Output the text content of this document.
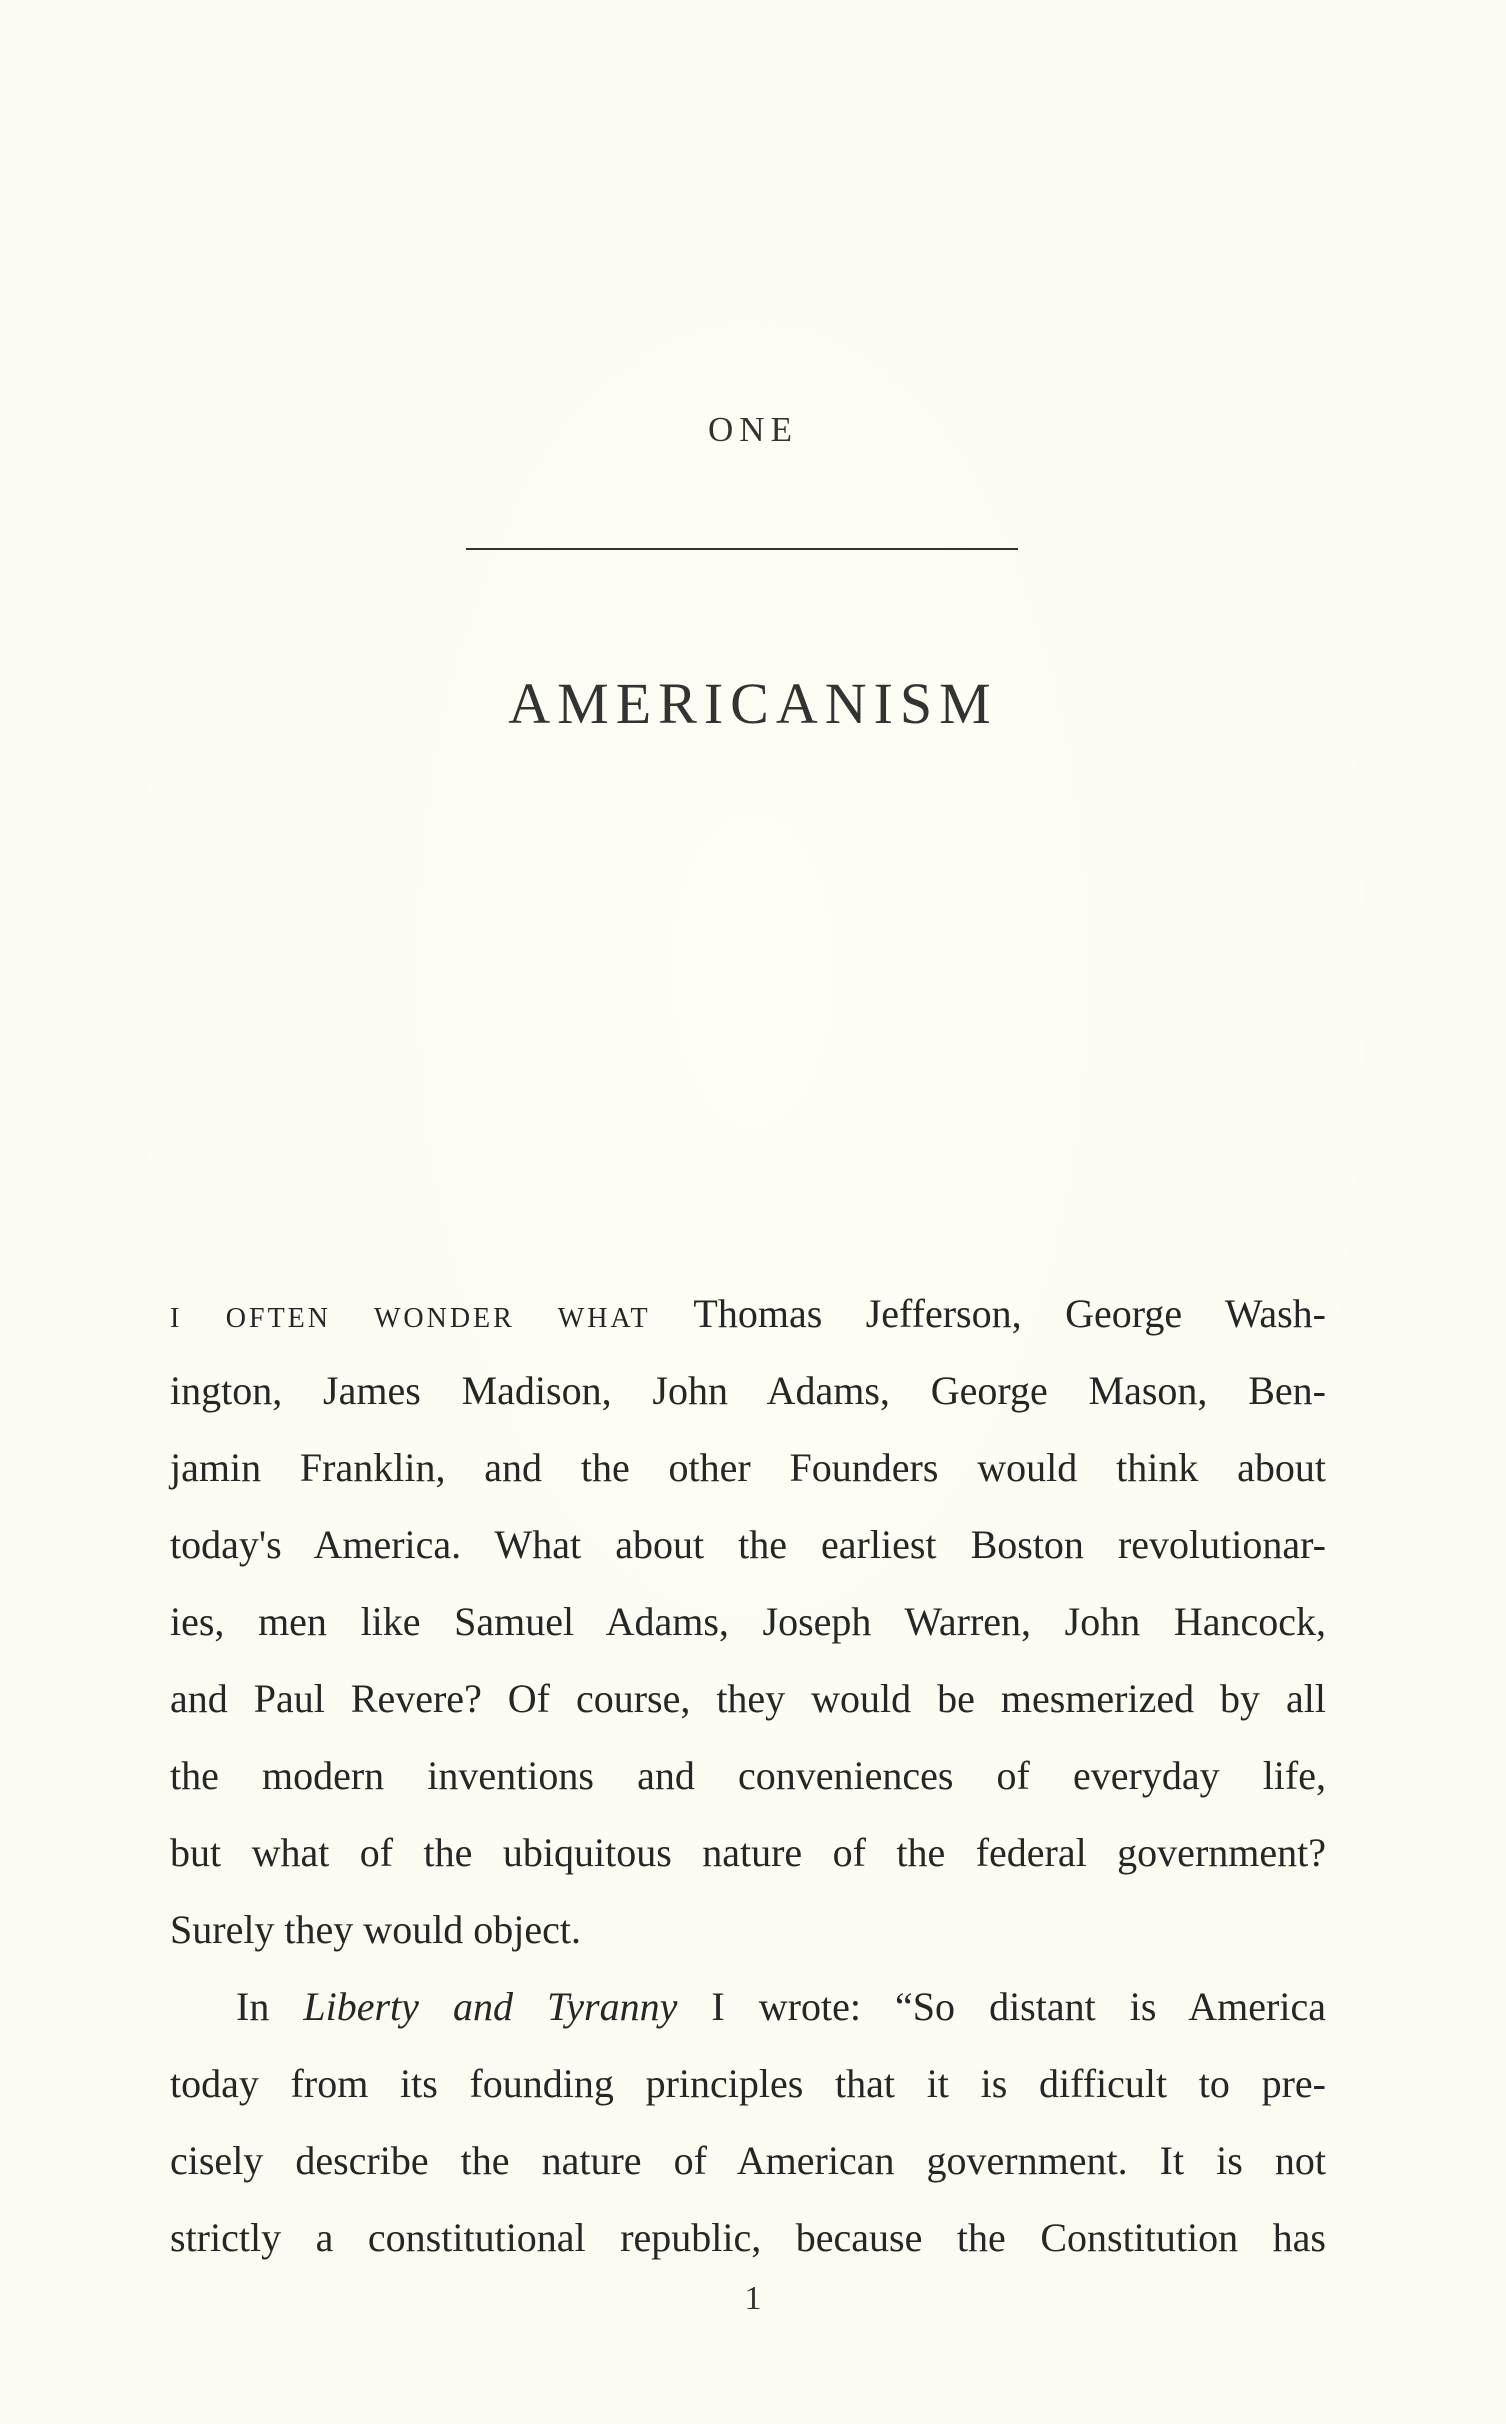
ONE
AMERICANISM
I OFTEN WONDER WHAT Thomas Jefferson, George Wash-
ington, James Madison, John Adams, George Mason, Ben-
jamin Franklin, and the other Founders would think about
today's America. What about the earliest Boston revolutionar-
ies, men like Samuel Adams, Joseph Warren, John Hancock,
and Paul Revere? Of course, they would be mesmerized by all
the modern inventions and conveniences of everyday life,
but what of the ubiquitous nature of the federal government?
Surely they would object.
In Liberty and Tyranny I wrote: “So distant is America
today from its founding principles that it is difficult to pre-
cisely describe the nature of American government. It is not
strictly a constitutional republic, because the Constitution has
1
